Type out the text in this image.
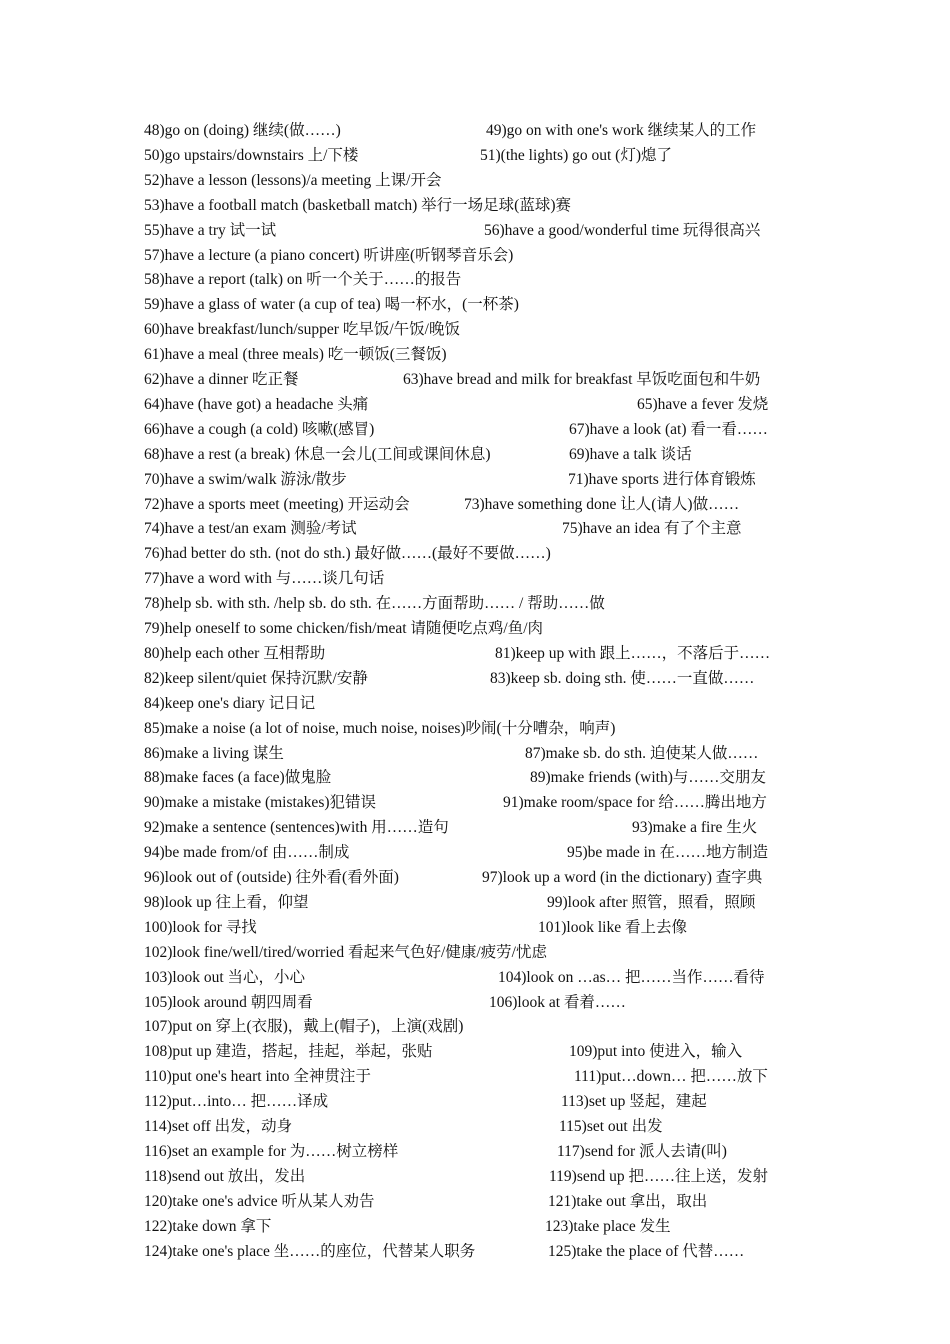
48)go on (doing) 继续(做……)	49)go on with one's work 继续某人的工作
50)go upstairs/downstairs 上/下楼	51)(the lights) go out (灯)熄了
52)have a lesson (lessons)/a meeting 上课/开会
53)have a football match (basketball match) 举行一场足球(蓝球)赛
55)have a try 试一试	56)have a good/wonderful time 玩得很高兴
57)have a lecture (a piano concert) 听讲座(听钢琴音乐会)
58)have a report (talk) on 听一个关于……的报告
59)have a glass of water (a cup of tea) 喝一杯水，(一杯茶)
60)have breakfast/lunch/supper 吃早饭/午饭/晚饭
61)have a meal (three meals) 吃一顿饭(三餐饭)
62)have a dinner 吃正餐	63)have bread and milk for breakfast 早饭吃面包和牛奶
64)have (have got) a headache 头痛	65)have a fever 发烧
66)have a cough (a cold) 咳嗽(感冒)	67)have a look (at) 看一看……
68)have a rest (a break) 休息一会儿(工间或课间休息)	69)have a talk 谈话
70)have a swim/walk 游泳/散步	71)have sports 进行体育锻炼
72)have a sports meet (meeting) 开运动会	73)have something done 让人(请人)做……
74)have a test/an exam 测验/考试	75)have an idea 有了个主意
76)had better do sth. (not do sth.) 最好做……(最好不要做……)
77)have a word with 与……谈几句话
78)help sb. with sth. /help sb. do sth. 在……方面帮助…… / 帮助……做
79)help oneself to some chicken/fish/meat 请随便吃点鸡/鱼/肉
80)help each other 互相帮助	81)keep up with 跟上……，不落后于……
82)keep silent/quiet 保持沉默/安静	83)keep sb. doing sth. 使……一直做……
84)keep one's diary 记日记
85)make a noise (a lot of noise, much noise, noises)吵闹(十分嘈杂，响声)
86)make a living 谋生	87)make sb. do sth. 迫使某人做……
88)make faces (a face)做鬼脸	89)make friends (with)与……交朋友
90)make a mistake (mistakes)犯错误	91)make room/space for 给……腾出地方
92)make a sentence (sentences)with 用……造句	93)make a fire 生火
94)be made from/of 由……制成	95)be made in 在……地方制造
96)look out of (outside) 往外看(看外面)	97)look up a word (in the dictionary) 查字典
98)look up 往上看，仰望	99)look after 照管，照看，照顾
100)look for 寻找	101)look like 看上去像
102)look fine/well/tired/worried 看起来气色好/健康/疲劳/忧虑
103)look out 当心，小心	104)look on …as… 把……当作……看待
105)look around 朝四周看	106)look at 看着……
107)put on 穿上(衣服)，戴上(帽子)，上演(戏剧)
108)put up 建造，搭起，挂起，举起，张贴	109)put into 使进入，输入
110)put one's heart into 全神贯注于	111)put…down… 把……放下
112)put…into… 把……译成	113)set up 竖起，建起
114)set off 出发，动身	115)set out 出发
116)set an example for 为……树立榜样	117)send for 派人去请(叫)
118)send out 放出，发出	119)send up 把……往上送，发射
120)take one's advice 听从某人劝告	121)take out 拿出，取出
122)take down 拿下	123)take place 发生
124)take one's place 坐……的座位，代替某人职务	125)take the place of 代替……
